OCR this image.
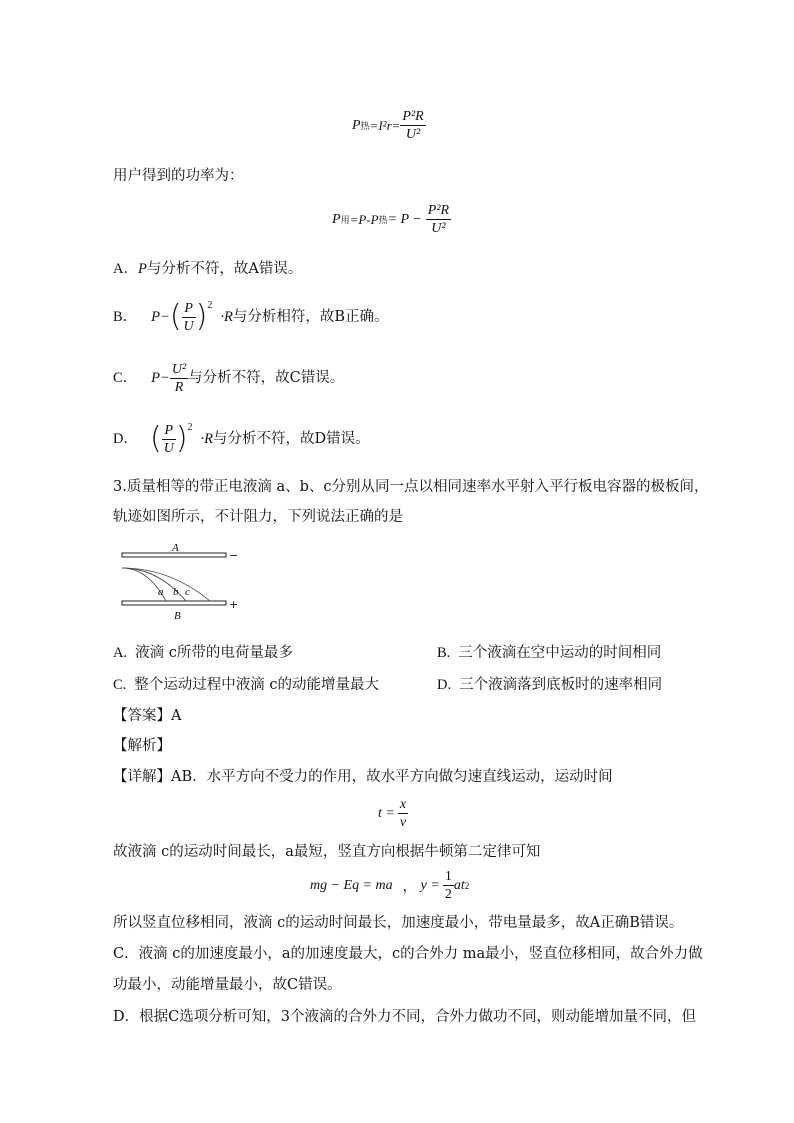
P 热 $=I^2r= \frac{\text{P²R}}{\text{U²}}$
用户得到的功率为：
P 用 =P-P 热 = $P - \frac{\text{P²R}}{\text{U²}}$
A．P与分析不符，故A错误。
B． P− ( $\frac{P}{U}$ ) 2
·R 与分析相符，故B正确。
C． $P- \frac{\text{U²}}{R}$ 与分析不符，故C错误。
D． ( $\frac{P}{U}$ ) 2
·R 与分析不符，故D错误。
3.质量相等的带正电液滴 a、b、c分别从同一点以相同速率水平射入平行板电容器的极板间，
轨迹如图所示，不计阻力，下列说法正确的是
A
B
−
+
a b c
A. 液滴 c所带的电荷量最多	B. 三个液滴在空中运动的时间相同
C. 整个运动过程中液滴 c的动能增量最大	D. 三个液滴落到底板时的速率相同
【答案】A
【解析】
【详解】AB．水平方向不受力的作用，故水平方向做匀速直线运动，运动时间
$t = \frac{x}{v}$
故液滴 c的运动时间最长，a最短，竖直方向根据牛顿第二定律可知
mg − Eq = ma ， $y = \frac{1}{2}$ at 2
所以竖直位移相同，液滴 c的运动时间最长，加速度最小，带电量最多，故A正确B错误。
C．液滴 c的加速度最小，a的加速度最大，c的合外力 ma最小，竖直位移相同，故合外力做
功最小，动能增量最小，故C错误。
D．根据C选项分析可知，3个液滴的合外力不同，合外力做功不同，则动能增加量不同，但
